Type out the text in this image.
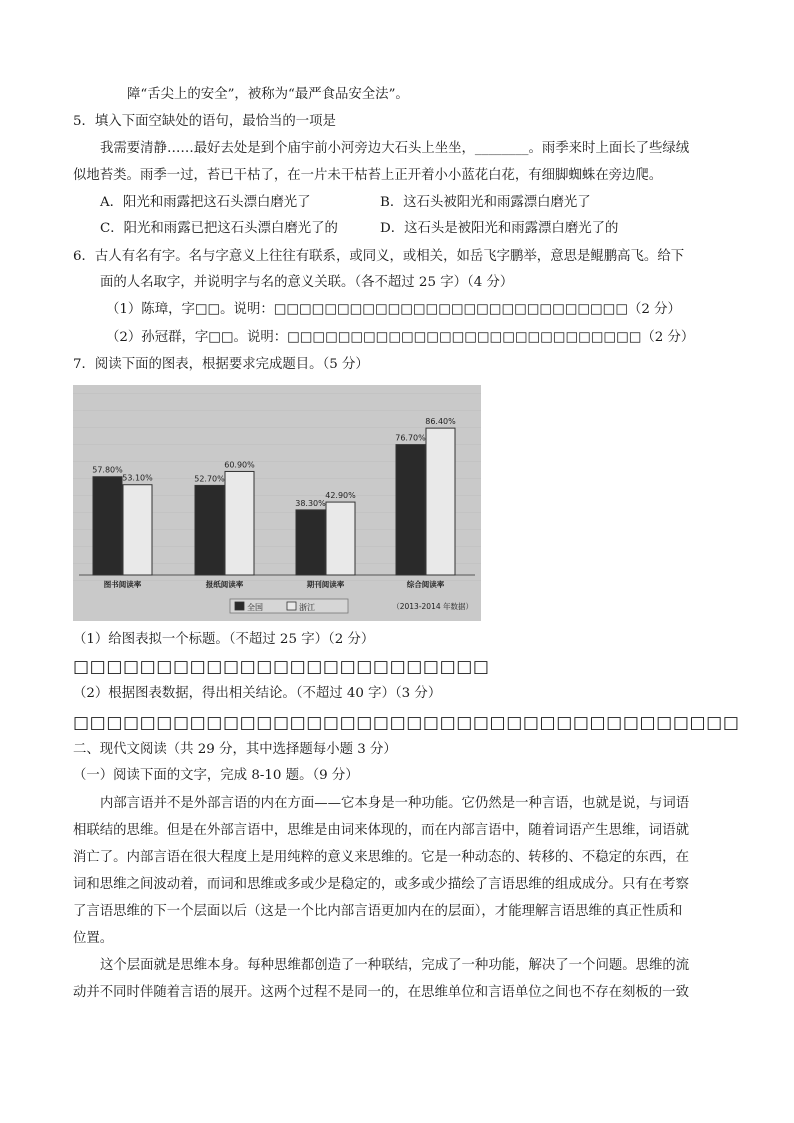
障“舌尖上的安全”，被称为“最严食品安全法”。
5．填入下面空缺处的语句，最恰当的一项是
我需要清静……最好去处是到个庙宇前小河旁边大石头上坐坐，________。雨季来时上面长了些绿绒
似地苔类。雨季一过，苔已干枯了，在一片未干枯苔上正开着小小蓝花白花，有细脚蜘蛛在旁边爬。
A．阳光和雨露把这石头漂白磨光了	B．这石头被阳光和雨露漂白磨光了
C．阳光和雨露已把这石头漂白磨光了的	D．这石头是被阳光和雨露漂白磨光了的
6．古人有名有字。名与字意义上往往有联系，或同义，或相关，如岳飞字鹏举，意思是鲲鹏高飞。给下
面的人名取字，并说明字与名的意义关联。（各不超过 25 字）（4 分）
（1）陈璋，字□□。说明：□□□□□□□□□□□□□□□□□□□□□□□□□□□□（2 分）
（2）孙冠群，字□□。说明：□□□□□□□□□□□□□□□□□□□□□□□□□□□□（2 分）
7．阅读下面的图表，根据要求完成题目。（5 分）
57.80%
53.10%
图书阅读率
52.70%
60.90%
报纸阅读率
38.30%
42.90%
期刊阅读率
76.70%
86.40%
综合阅读率
全国	浙江	（2013-2014 年数据）
（1）给图表拟一个标题。（不超过 25 字）（2 分）
□□□□□□□□□□□□□□□□□□□□□□□□□
（2）根据图表数据，得出相关结论。（不超过 40 字）（3 分）
□□□□□□□□□□□□□□□□□□□□□□□□□□□□□□□□□□□□□□□□
二、现代文阅读（共 29 分，其中选择题每小题 3 分）
（一）阅读下面的文字，完成 8-10 题。（9 分）
内部言语并不是外部言语的内在方面——它本身是一种功能。它仍然是一种言语，也就是说，与词语
相联结的思维。但是在外部言语中，思维是由词来体现的，而在内部言语中，随着词语产生思维，词语就
消亡了。内部言语在很大程度上是用纯粹的意义来思维的。它是一种动态的、转移的、不稳定的东西，在
词和思维之间波动着，而词和思维或多或少是稳定的，或多或少描绘了言语思维的组成成分。只有在考察
了言语思维的下一个层面以后（这是一个比内部言语更加内在的层面），才能理解言语思维的真正性质和
位置。
这个层面就是思维本身。每种思维都创造了一种联结，完成了一种功能，解决了一个问题。思维的流
动并不同时伴随着言语的展开。这两个过程不是同一的，在思维单位和言语单位之间也不存在刻板的一致
